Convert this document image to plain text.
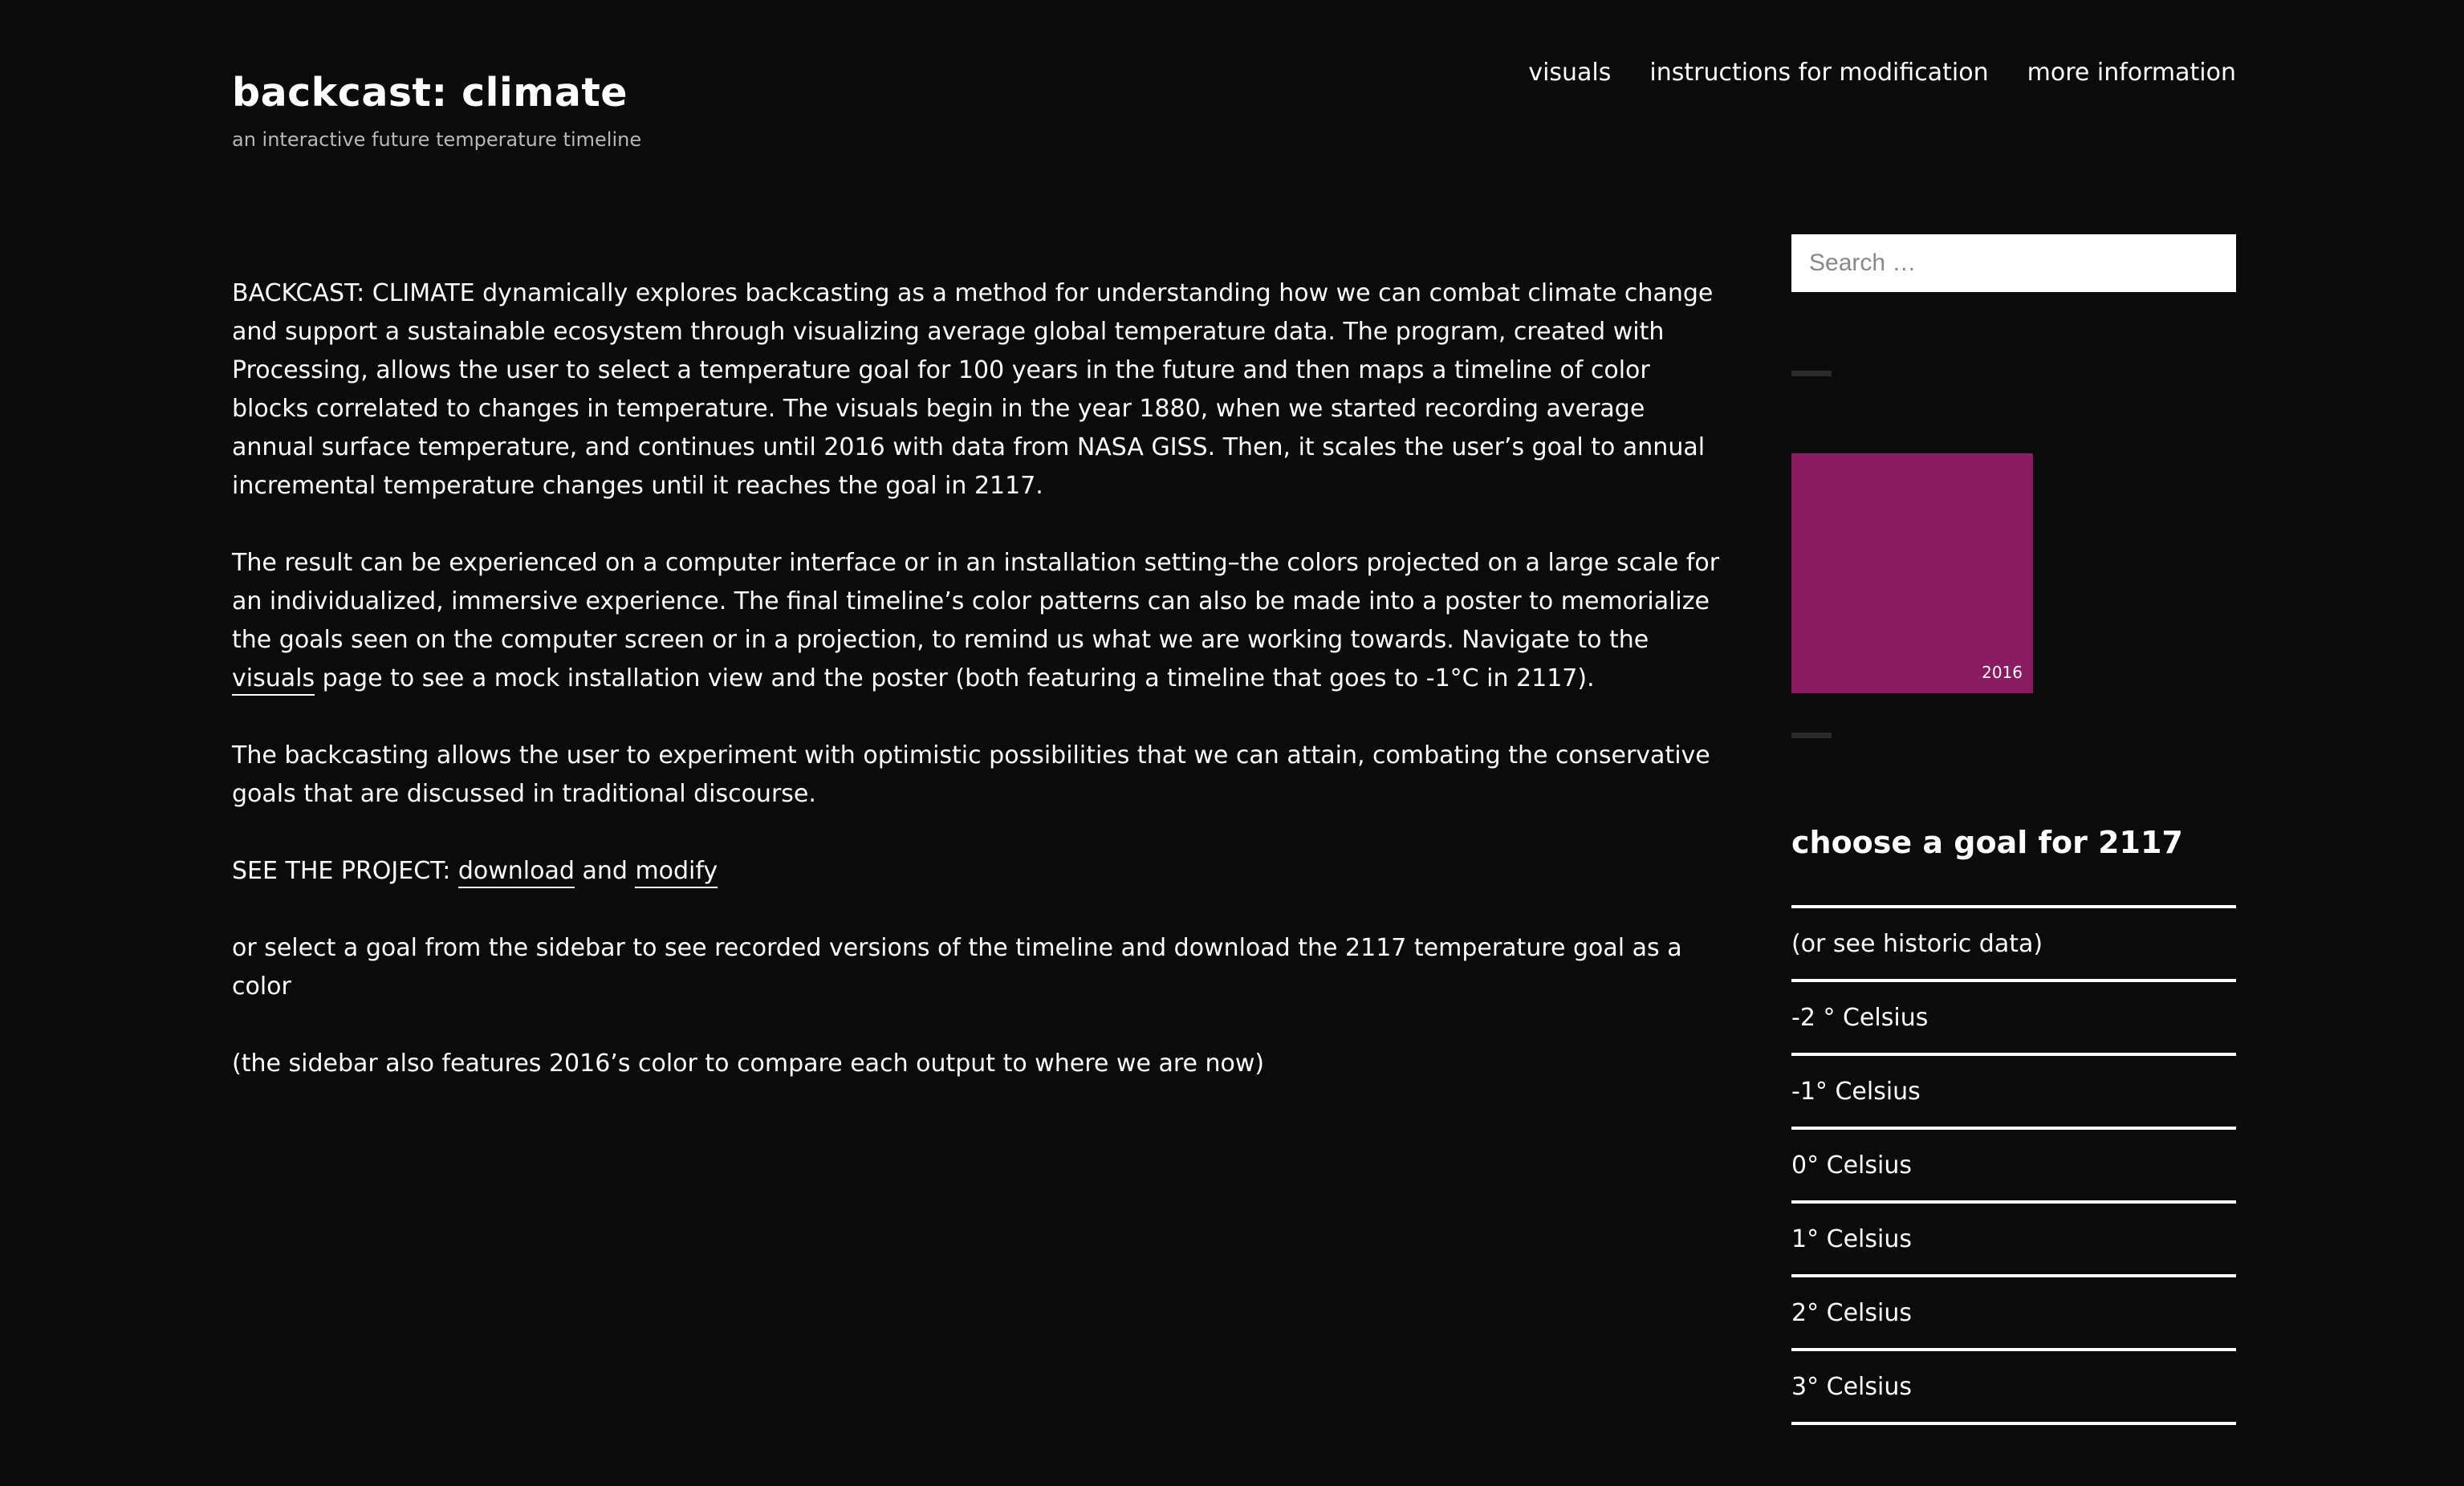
backcast: climate
an interactive future temperature timeline
visuals instructions for modification more information

BACKCAST: CLIMATE dynamically explores backcasting as a method for understanding how we can combat climate change and support a sustainable ecosystem through visualizing average global temperature data. The program, created with Processing, allows the user to select a temperature goal for 100 years in the future and then maps a timeline of color blocks correlated to changes in temperature. The visuals begin in the year 1880, when we started recording average annual surface temperature, and continues until 2016 with data from NASA GISS. Then, it scales the user’s goal to annual incremental temperature changes until it reaches the goal in 2117.

The result can be experienced on a computer interface or in an installation setting–the colors projected on a large scale for an individualized, immersive experience. The final timeline’s color patterns can also be made into a poster to memorialize the goals seen on the computer screen or in a projection, to remind us what we are working towards. Navigate to the visuals page to see a mock installation view and the poster (both featuring a timeline that goes to -1°C in 2117).

The backcasting allows the user to experiment with optimistic possibilities that we can attain, combating the conservative goals that are discussed in traditional discourse.

SEE THE PROJECT: download and modify

or select a goal from the sidebar to see recorded versions of the timeline and download the 2117 temperature goal as a color

(the sidebar also features 2016’s color to compare each output to where we are now)

Search …
2016
choose a goal for 2117
(or see historic data)
-2 ° Celsius
-1° Celsius
0° Celsius
1° Celsius
2° Celsius
3° Celsius
